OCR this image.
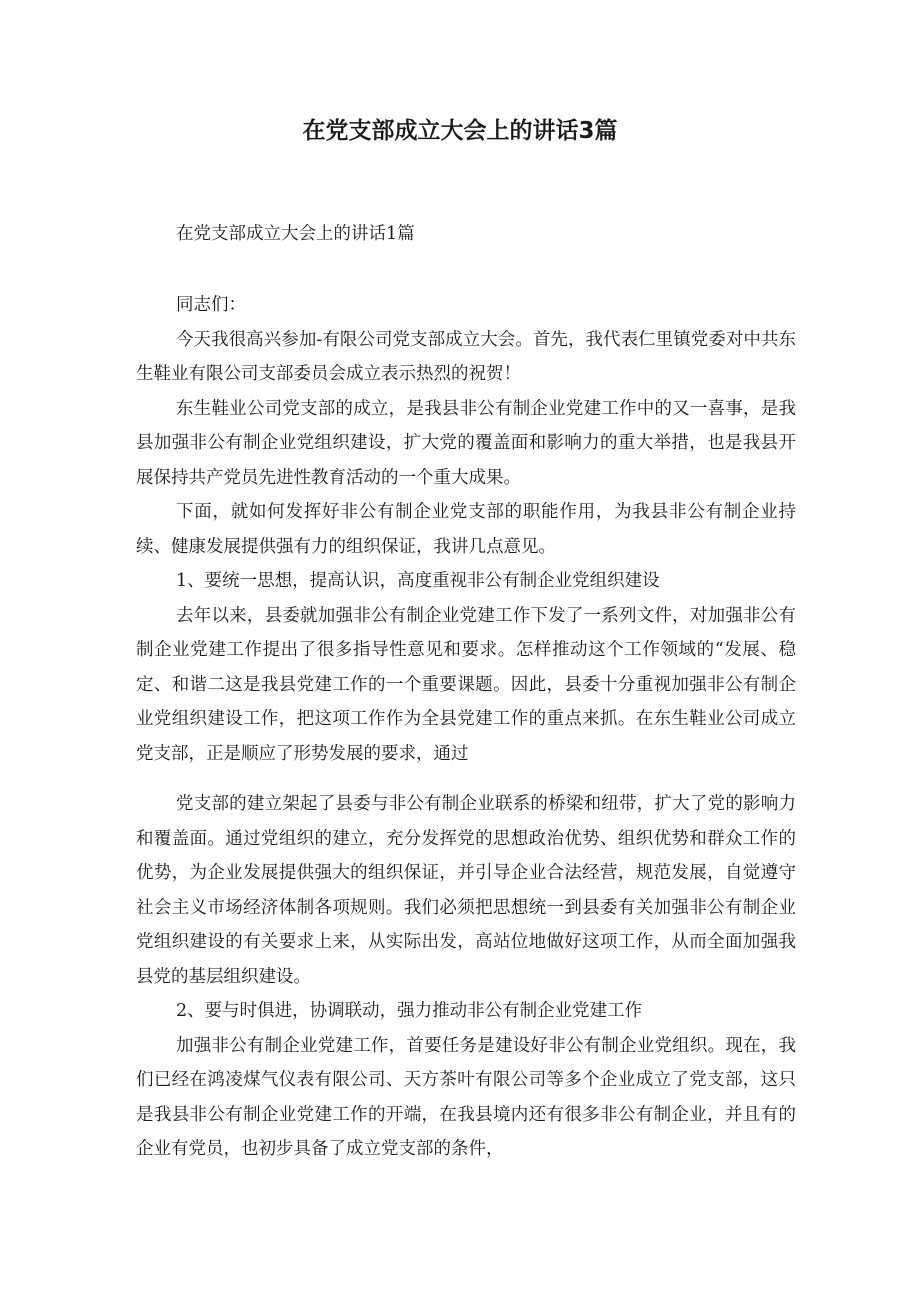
在党支部成立大会上的讲话3篇

在党支部成立大会上的讲话1篇

同志们：

今天我很高兴参加-有限公司党支部成立大会。首先，我代表仁里镇党委对中共东生鞋业有限公司支部委员会成立表示热烈的祝贺！

东生鞋业公司党支部的成立，是我县非公有制企业党建工作中的又一喜事，是我县加强非公有制企业党组织建设，扩大党的覆盖面和影响力的重大举措，也是我县开展保持共产党员先进性教育活动的一个重大成果。

下面，就如何发挥好非公有制企业党支部的职能作用，为我县非公有制企业持续、健康发展提供强有力的组织保证，我讲几点意见。

1、要统一思想，提高认识，高度重视非公有制企业党组织建设

去年以来，县委就加强非公有制企业党建工作下发了一系列文件，对加强非公有制企业党建工作提出了很多指导性意见和要求。怎样推动这个工作领域的“发展、稳定、和谐二这是我县党建工作的一个重要课题。因此，县委十分重视加强非公有制企业党组织建设工作，把这项工作作为全县党建工作的重点来抓。在东生鞋业公司成立党支部，正是顺应了形势发展的要求，通过

党支部的建立架起了县委与非公有制企业联系的桥梁和纽带，扩大了党的影响力和覆盖面。通过党组织的建立，充分发挥党的思想政治优势、组织优势和群众工作的优势，为企业发展提供强大的组织保证，并引导企业合法经营，规范发展，自觉遵守社会主义市场经济体制各项规则。我们必须把思想统一到县委有关加强非公有制企业党组织建设的有关要求上来，从实际出发，高站位地做好这项工作，从而全面加强我县党的基层组织建设。

2、要与时俱进，协调联动，强力推动非公有制企业党建工作

加强非公有制企业党建工作，首要任务是建设好非公有制企业党组织。现在，我们已经在鸿凌煤气仪表有限公司、天方茶叶有限公司等多个企业成立了党支部，这只是我县非公有制企业党建工作的开端，在我县境内还有很多非公有制企业，并且有的企业有党员，也初步具备了成立党支部的条件，
